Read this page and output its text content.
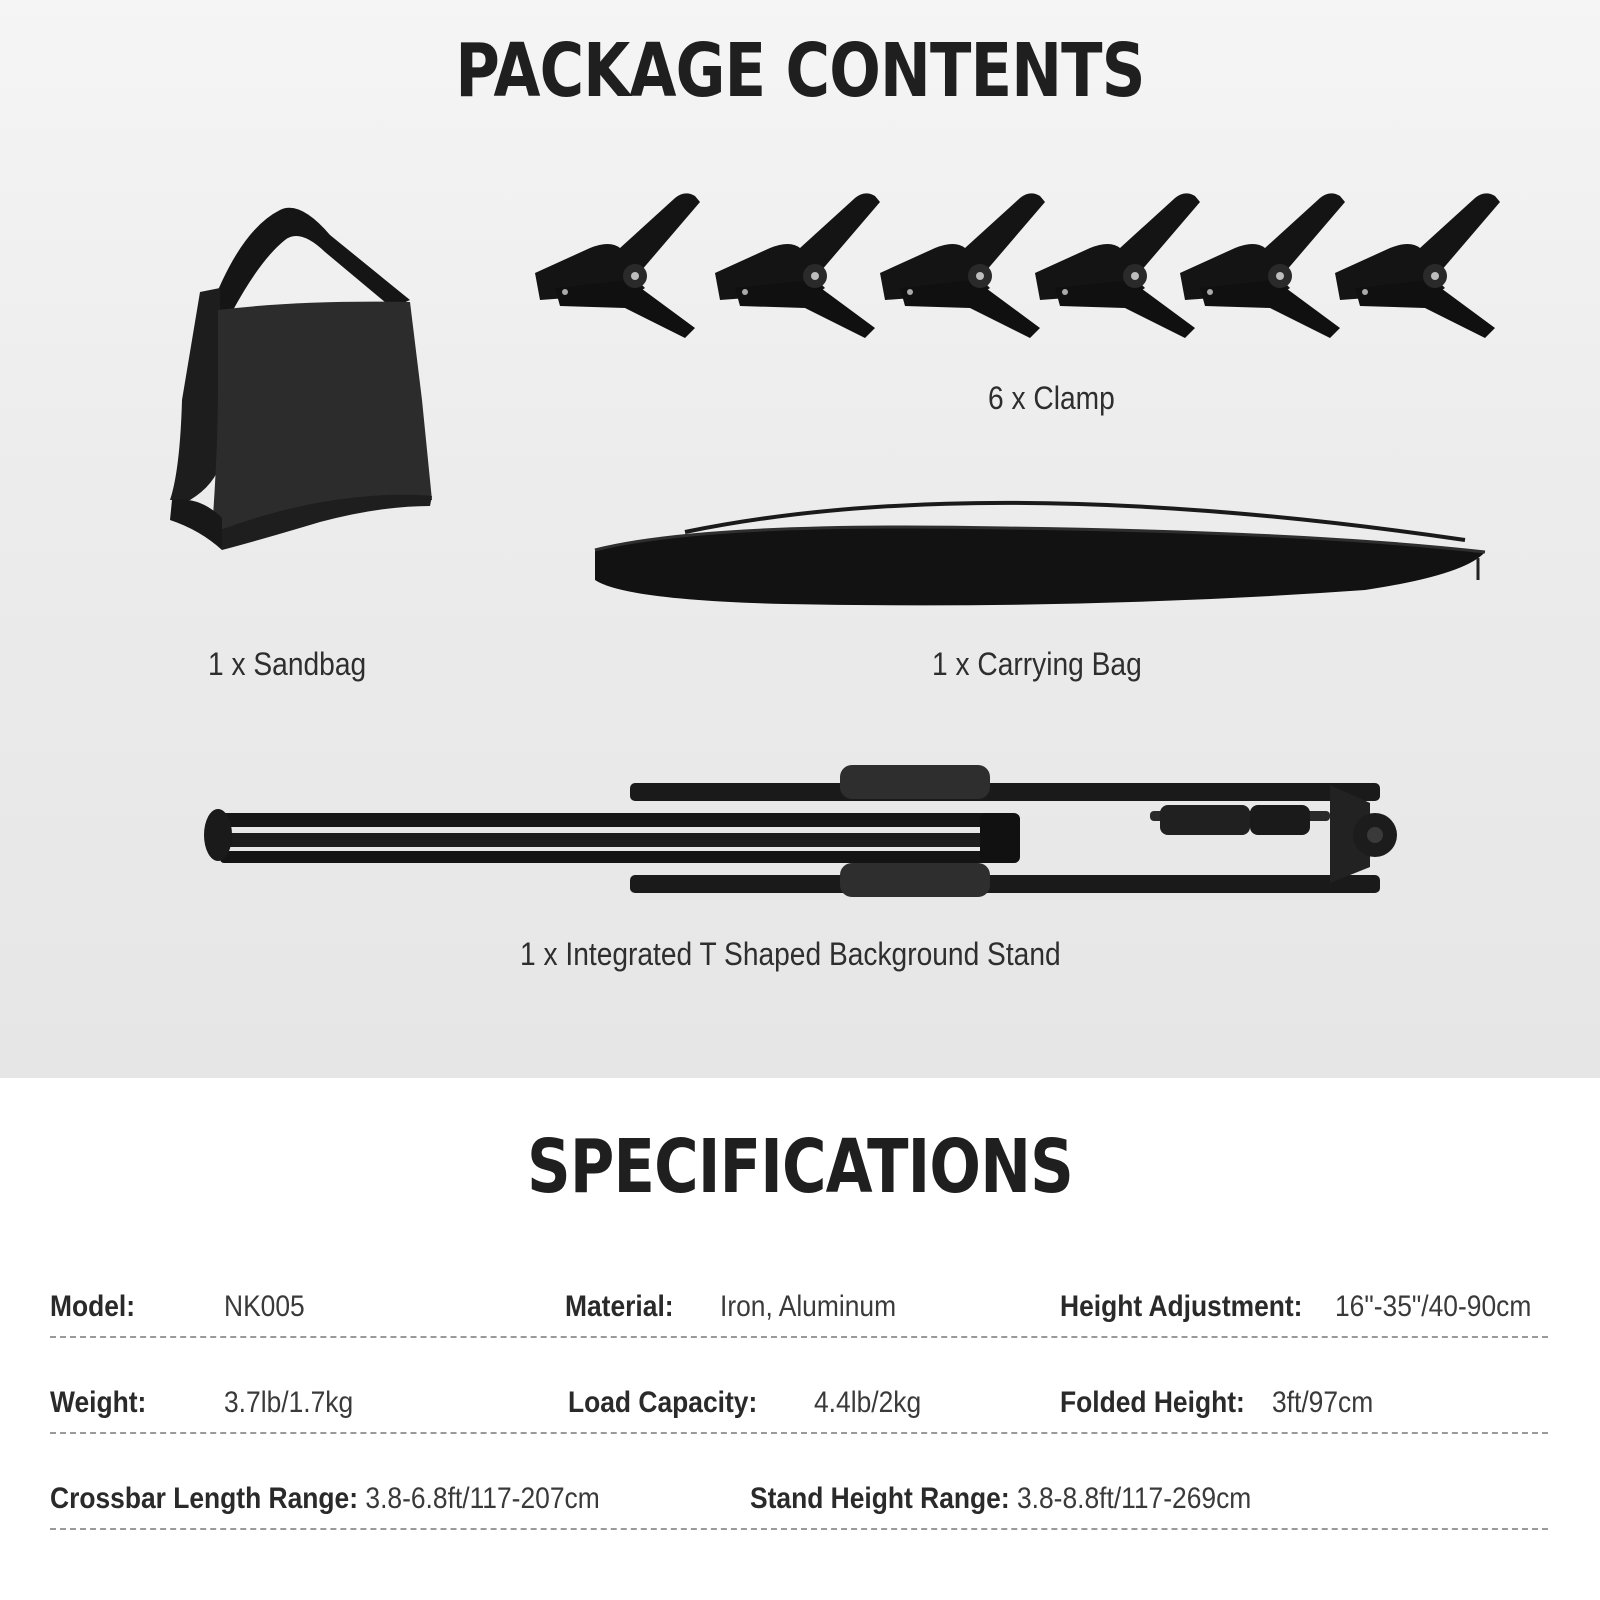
PACKAGE CONTENTS
6 x Clamp
1 x Sandbag	1 x Carrying Bag
1 x Integrated T Shaped Background Stand
SPECIFICATIONS
Model:	NK005	Material: Iron, Aluminum	Height Adjustment: 16"-35"/40-90cm
Weight:	3.7lb/1.7kg	Load Capacity: 4.4lb/2kg	Folded Height: 3ft/97cm
Crossbar Length Range: 3.8-6.8ft/117-207cm	Stand Height Range: 3.8-8.8ft/117-269cm
